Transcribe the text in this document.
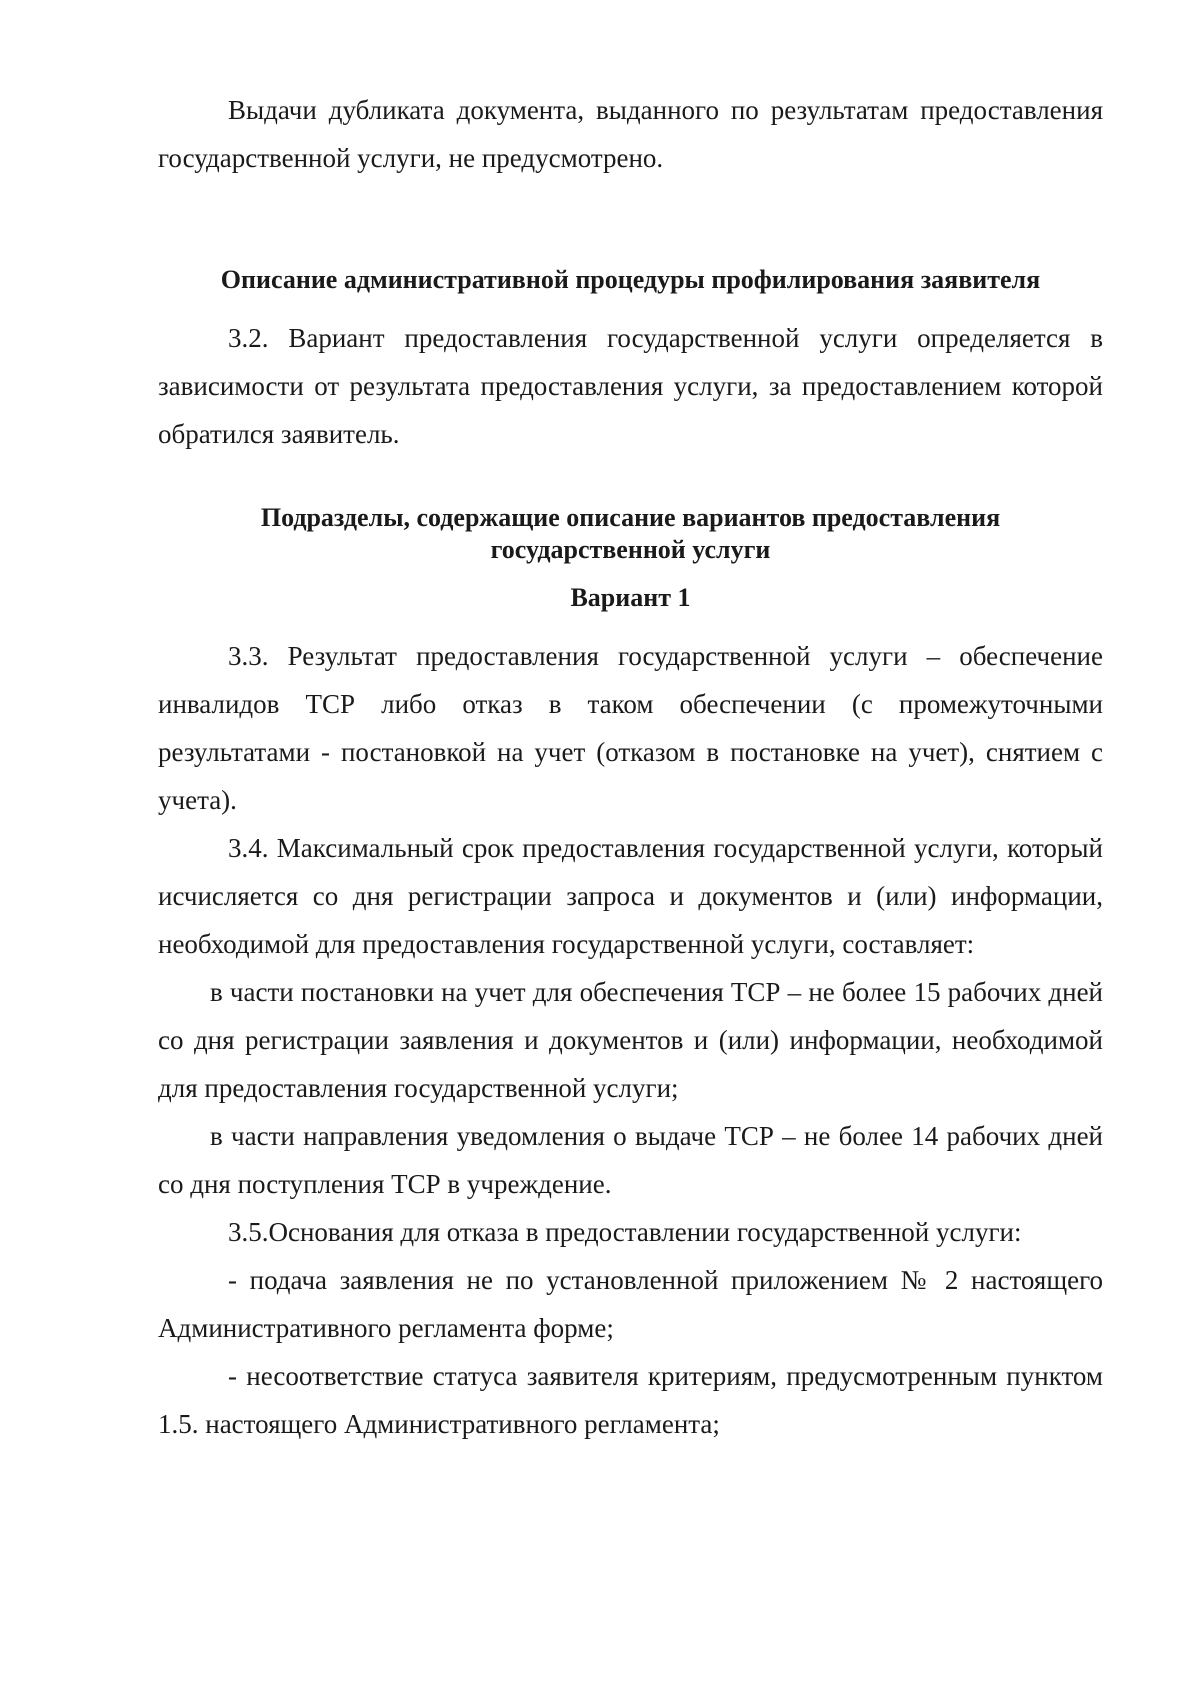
Выдачи дубликата документа, выданного по результатам предоставления государственной услуги, не предусмотрено.

Описание административной процедуры профилирования заявителя

3.2. Вариант предоставления государственной услуги определяется в зависимости от результата предоставления услуги, за предоставлением которой обратился заявитель.

Подразделы, содержащие описание вариантов предоставления
государственной услуги
Вариант 1

3.3. Результат предоставления государственной услуги – обеспечение инвалидов ТСР либо отказ в таком обеспечении (с промежуточными результатами - постановкой на учет (отказом в постановке на учет), снятием с учета).

3.4. Максимальный срок предоставления государственной услуги, который исчисляется со дня регистрации запроса и документов и (или) информации, необходимой для предоставления государственной услуги, составляет:

в части постановки на учет для обеспечения ТСР – не более 15 рабочих дней со дня регистрации заявления и документов и (или) информации, необходимой для предоставления государственной услуги;

в части направления уведомления о выдаче ТСР – не более 14 рабочих дней со дня поступления ТСР в учреждение.

3.5.Основания для отказа в предоставлении государственной услуги:

- подача заявления не по установленной приложением № 2 настоящего Административного регламента форме;

- несоответствие статуса заявителя критериям, предусмотренным пунктом 1.5. настоящего Административного регламента;
